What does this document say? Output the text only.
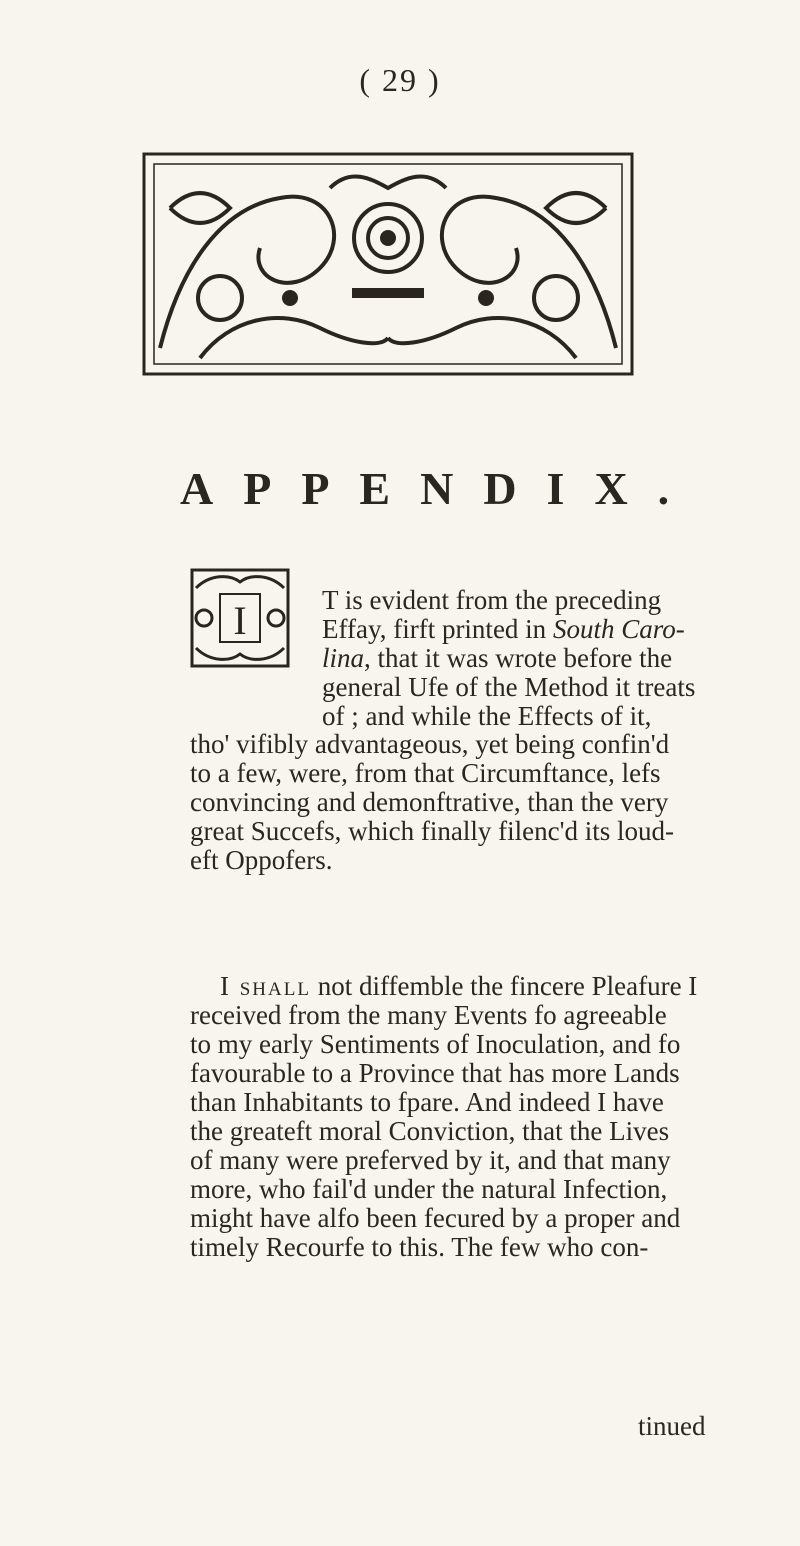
( 29 )
APPENDIX.
I	T is evident from the preceding
Effay, firft printed in South Caro-
lina, that it was wrote before the
general Ufe of the Method it treats
of ; and while the Effects of it,
tho' vifibly advantageous, yet being confin'd
to a few, were, from that Circumftance, lefs
convincing and demonftrative, than the very
great Succefs, which finally filenc'd its loud-
eft Oppofers.
I shall not diffemble the fincere Pleafure I
received from the many Events fo agreeable
to my early Sentiments of Inoculation, and fo
favourable to a Province that has more Lands
than Inhabitants to fpare. And indeed I have
the greateft moral Conviction, that the Lives
of many were preferved by it, and that many
more, who fail'd under the natural Infection,
might have alfo been fecured by a proper and
timely Recourfe to this. The few who con-
tinued
